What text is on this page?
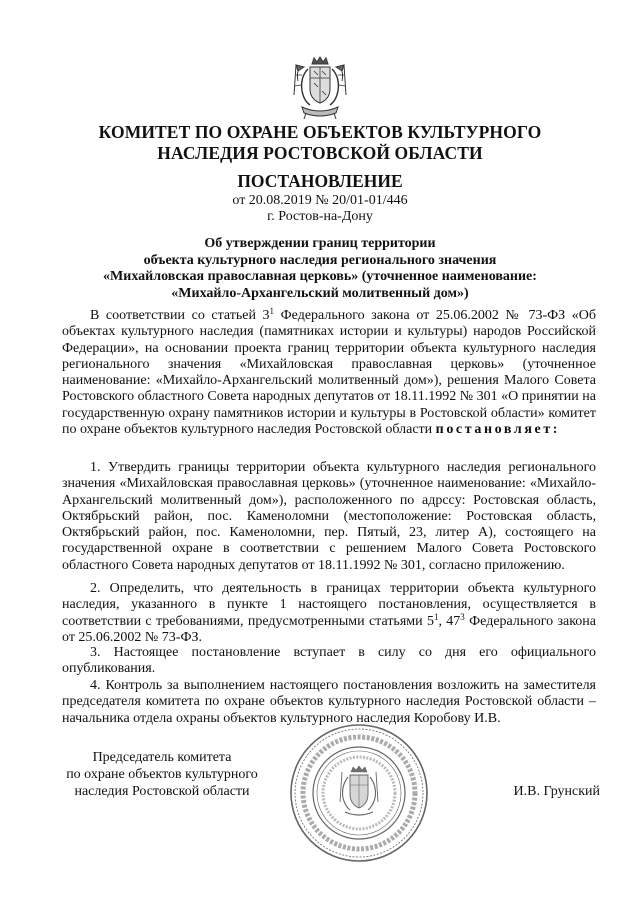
КОМИТЕТ ПО ОХРАНЕ ОБЪЕКТОВ КУЛЬТУРНОГО
НАСЛЕДИЯ РОСТОВСКОЙ ОБЛАСТИ
ПОСТАНОВЛЕНИЕ
от 20.08.2019 № 20/01-01/446
г. Ростов-на-Дону
Об утверждении границ территории
объекта культурного наследия регионального значения
«Михайловская православная церковь» (уточненное наименование:
«Михайло-Архангельский молитвенный дом»)

В соответствии со статьей $3^1$ Федерального закона от 25.06.2002 № 73-ФЗ «Об объектах культурного наследия (памятниках истории и культуры) народов Российской Федерации», на основании проекта границ территории объекта культурного наследия регионального значения «Михайловская православная церковь» (уточненное наименование: «Михайло-Архангельский молитвенный дом»), решения Малого Совета Ростовского областного Совета народных депутатов от 18.11.1992 № 301 «О принятии на государственную охрану памятников истории и культуры в Ростовской области» комитет по охране объектов культурного наследия Ростовской области постановляет:

1. Утвердить границы территории объекта культурного наследия регионального значения «Михайловская православная церковь» (уточненное наименование: «Михайло-Архангельский молитвенный дом»), расположенного по адрсcу: Ростовская область, Октябрьский район, пос. Каменоломни (местоположение: Ростовская область, Октябрьский район, пос. Каменоломни, пер. Пятый, 23, литер А), состоящего на государственной охране в соответствии с решением Малого Совета Ростовского областного Совета народных депутатов от 18.11.1992 № 301, согласно приложению.

2. Определить, что деятельность в границах территории объекта культурного наследия, указанного в пункте 1 настоящего постановления, осуществляется в соответствии с требованиями, предусмотренными статьями $5^1$, $47^3$ Федерального закона от 25.06.2002 № 73-ФЗ.

3. Настоящее постановление вступает в силу со дня его официального опубликования.

4. Контроль за выполнением настоящего постановления возложить на заместителя председателя комитета по охране объектов культурного наследия Ростовской области – начальника отдела охраны объектов культурного наследия Коробову И.В.

Председатель комитета
по охране объектов культурного
наследия Ростовской области	И.В. Грунский
